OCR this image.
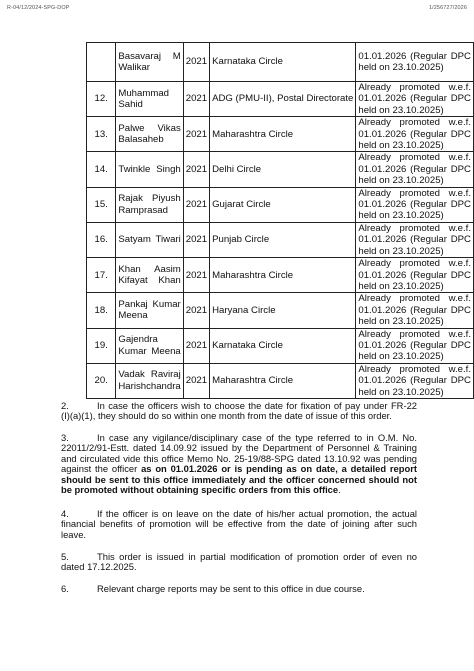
R-04/12/2024-SPG-DOP	1/256727/2026
	Basavaraj M Walikar	2021	Karnataka Circle	01.01.2026 (Regular DPC held on 23.10.2025)
12.	Muhammad Sahid	2021	ADG (PMU-II), Postal Directorate	Already promoted w.e.f. 01.01.2026 (Regular DPC held on 23.10.2025)
13.	Palwe Vikas Balasaheb	2021	Maharashtra Circle	Already promoted w.e.f. 01.01.2026 (Regular DPC held on 23.10.2025)
14.	Twinkle Singh	2021	Delhi Circle	Already promoted w.e.f. 01.01.2026 (Regular DPC held on 23.10.2025)
15.	Rajak Piyush Ramprasad	2021	Gujarat Circle	Already promoted w.e.f. 01.01.2026 (Regular DPC held on 23.10.2025)
16.	Satyam Tiwari	2021	Punjab Circle	Already promoted w.e.f. 01.01.2026 (Regular DPC held on 23.10.2025)
17.	Khan Aasim Kifayat Khan	2021	Maharashtra Circle	Already promoted w.e.f. 01.01.2026 (Regular DPC held on 23.10.2025)
18.	Pankaj Kumar Meena	2021	Haryana Circle	Already promoted w.e.f. 01.01.2026 (Regular DPC held on 23.10.2025)
19.	Gajendra Kumar Meena	2021	Karnataka Circle	Already promoted w.e.f. 01.01.2026 (Regular DPC held on 23.10.2025)
20.	Vadak Raviraj Harishchandra	2021	Maharashtra Circle	Already promoted w.e.f. 01.01.2026 (Regular DPC held on 23.10.2025)

2.	In case the officers wish to choose the date for fixation of pay under FR-22 (I)(a)(1), they should do so within one month from the date of issue of this order.

3.	In case any vigilance/disciplinary case of the type referred to in O.M. No. 22011/2/91-Estt. dated 14.09.92 issued by the Department of Personnel & Training and circulated vide this office Memo No. 25-19/88-SPG dated 13.10.92 was pending against the officer as on 01.01.2026 or is pending as on date, a detailed report should be sent to this office immediately and the officer concerned should not be promoted without obtaining specific orders from this office.

4.	If the officer is on leave on the date of his/her actual promotion, the actual financial benefits of promotion will be effective from the date of joining after such leave.

5.	This order is issued in partial modification of promotion order of even no dated 17.12.2025.

6.	Relevant charge reports may be sent to this office in due course.
